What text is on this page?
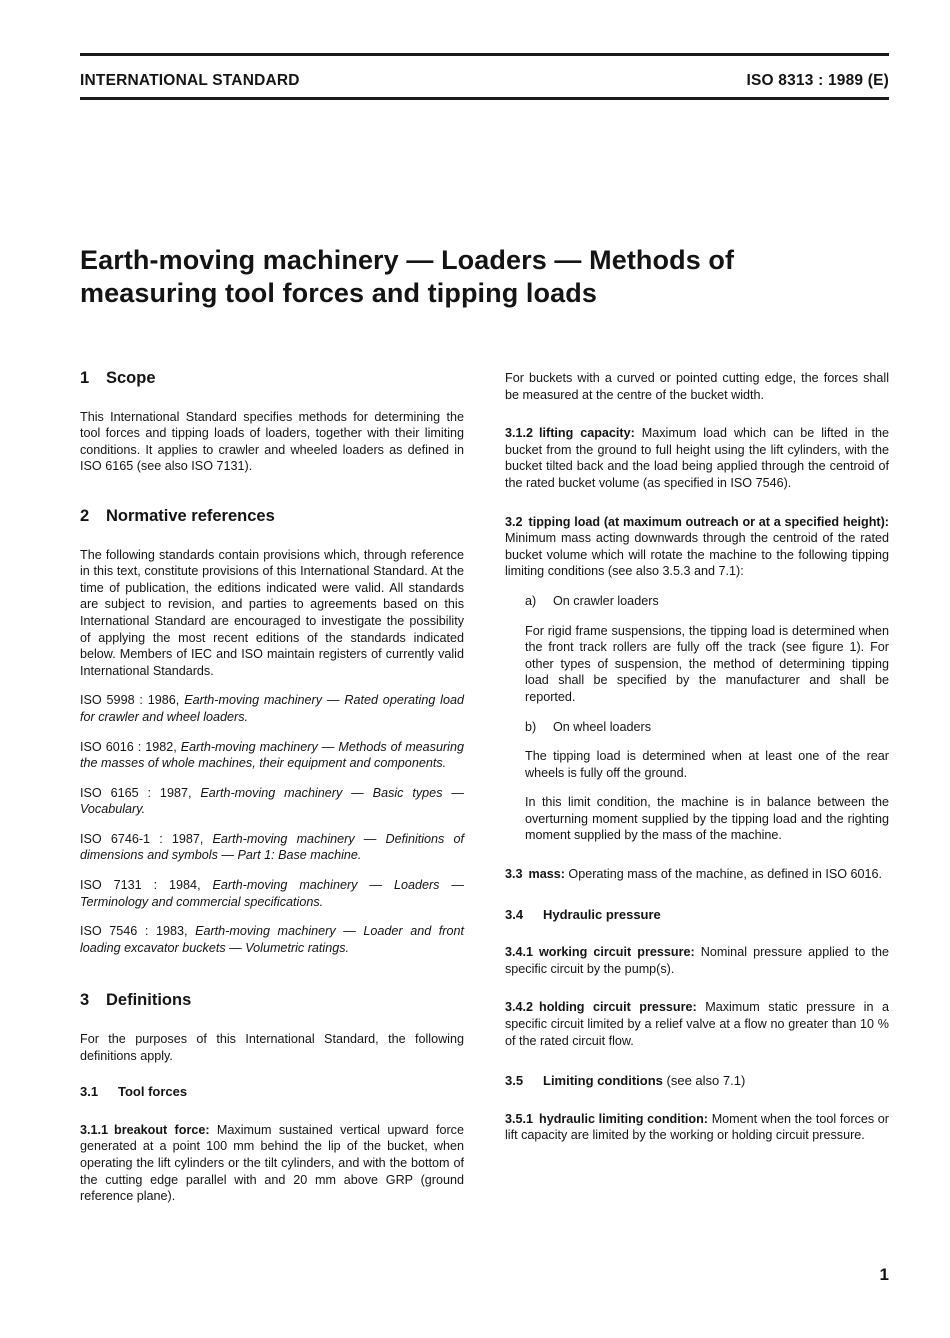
INTERNATIONAL STANDARD	ISO 8313 : 1989 (E)
Earth-moving machinery — Loaders — Methods of
measuring tool forces and tipping loads
1	Scope

This International Standard specifies methods for determining the tool forces and tipping loads of loaders, together with their limiting conditions. It applies to crawler and wheeled loaders as defined in ISO 6165 (see also ISO 7131).

2	Normative references

The following standards contain provisions which, through reference in this text, constitute provisions of this International Standard. At the time of publication, the editions indicated were valid. All standards are subject to revision, and parties to agreements based on this International Standard are encouraged to investigate the possibility of applying the most recent editions of the standards indicated below. Members of IEC and ISO maintain registers of currently valid International Standards.

ISO 5998 : 1986, Earth-moving machinery — Rated operating load for crawler and wheel loaders.

ISO 6016 : 1982, Earth-moving machinery — Methods of measuring the masses of whole machines, their equipment and components.

ISO 6165 : 1987, Earth-moving machinery — Basic types — Vocabulary.

ISO 6746-1 : 1987, Earth-moving machinery — Definitions of dimensions and symbols — Part 1: Base machine.

ISO 7131 : 1984, Earth-moving machinery — Loaders — Terminology and commercial specifications.

ISO 7546 : 1983, Earth-moving machinery — Loader and front loading excavator buckets — Volumetric ratings.

3	Definitions

For the purposes of this International Standard, the following definitions apply.

3.1	Tool forces

3.1.1 breakout force: Maximum sustained vertical upward force generated at a point 100 mm behind the lip of the bucket, when operating the lift cylinders or the tilt cylinders, and with the bottom of the cutting edge parallel with and 20 mm above GRP (ground reference plane).

For buckets with a curved or pointed cutting edge, the forces shall be measured at the centre of the bucket width.

3.1.2 lifting capacity: Maximum load which can be lifted in the bucket from the ground to full height using the lift cylinders, with the bucket tilted back and the load being applied through the centroid of the rated bucket volume (as specified in ISO 7546).

3.2 tipping load (at maximum outreach or at a specified height): Minimum mass acting downwards through the centroid of the rated bucket volume which will rotate the machine to the following tipping limiting conditions (see also 3.5.3 and 7.1):

a)	On crawler loaders

For rigid frame suspensions, the tipping load is determined when the front track rollers are fully off the track (see figure 1). For other types of suspension, the method of determining tipping load shall be specified by the manufacturer and shall be reported.

b)	On wheel loaders

The tipping load is determined when at least one of the rear wheels is fully off the ground.

In this limit condition, the machine is in balance between the overturning moment supplied by the tipping load and the righting moment supplied by the mass of the machine.

3.3 mass: Operating mass of the machine, as defined in ISO 6016.

3.4	Hydraulic pressure

3.4.1 working circuit pressure: Nominal pressure applied to the specific circuit by the pump(s).

3.4.2 holding circuit pressure: Maximum static pressure in a specific circuit limited by a relief valve at a flow no greater than 10 % of the rated circuit flow.

3.5	Limiting conditions (see also 7.1)

3.5.1 hydraulic limiting condition: Moment when the tool forces or lift capacity are limited by the working or holding circuit pressure.

1
